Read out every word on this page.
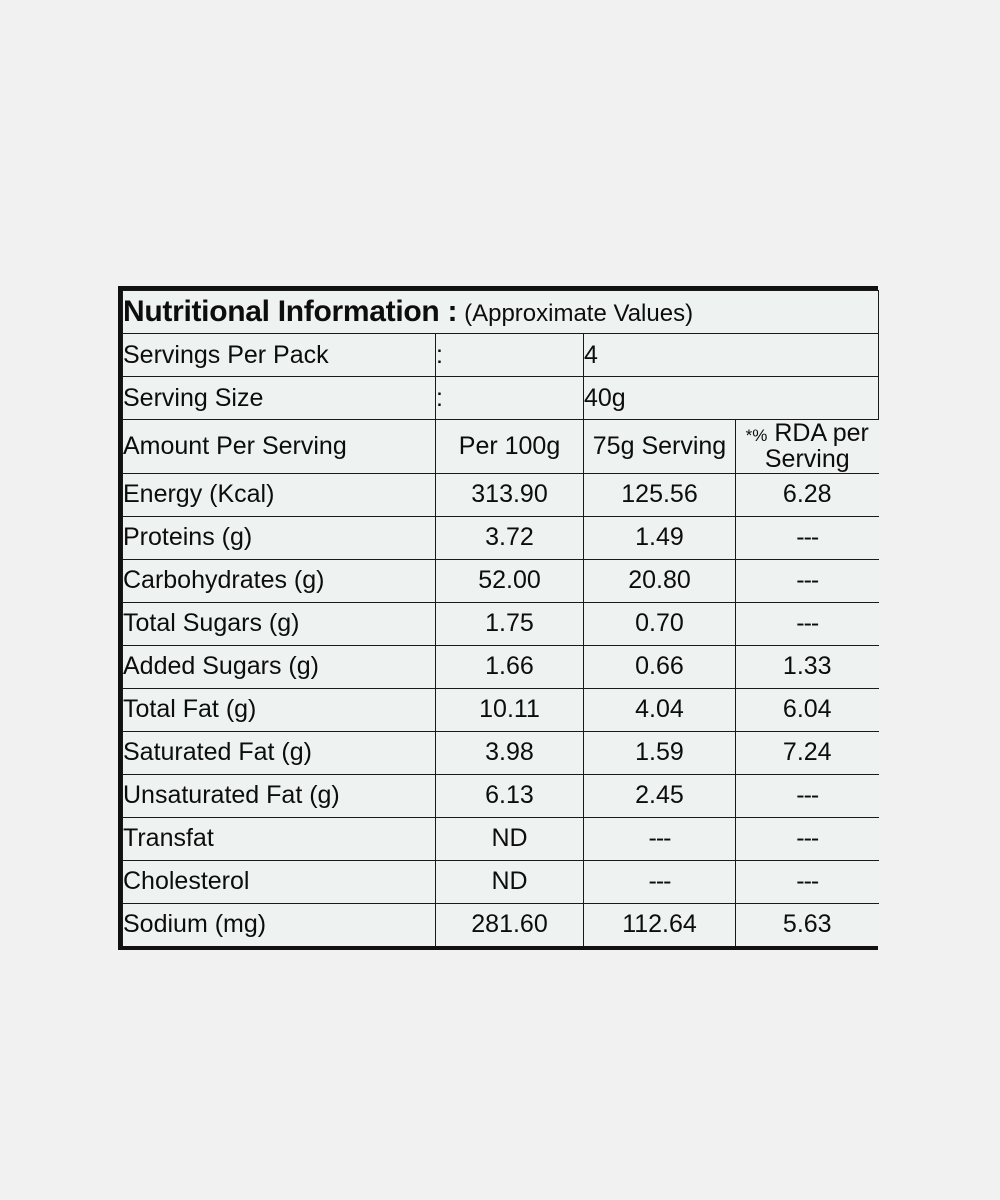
Nutritional Information : (Approximate Values)			
Servings Per Pack	:	4	
Serving Size	:	40g	
Amount Per Serving	Per 100g	75g Serving	*% RDA per
Serving
Energy (Kcal)	313.90	125.56	6.28
Proteins (g)	3.72	1.49	---
Carbohydrates (g)	52.00	20.80	---
Total Sugars (g)	1.75	0.70	---
Added Sugars (g)	1.66	0.66	1.33
Total Fat (g)	10.11	4.04	6.04
Saturated Fat (g)	3.98	1.59	7.24
Unsaturated Fat (g)	6.13	2.45	---
Transfat	ND	---	---
Cholesterol	ND	---	---
Sodium (mg)	281.60	112.64	5.63
